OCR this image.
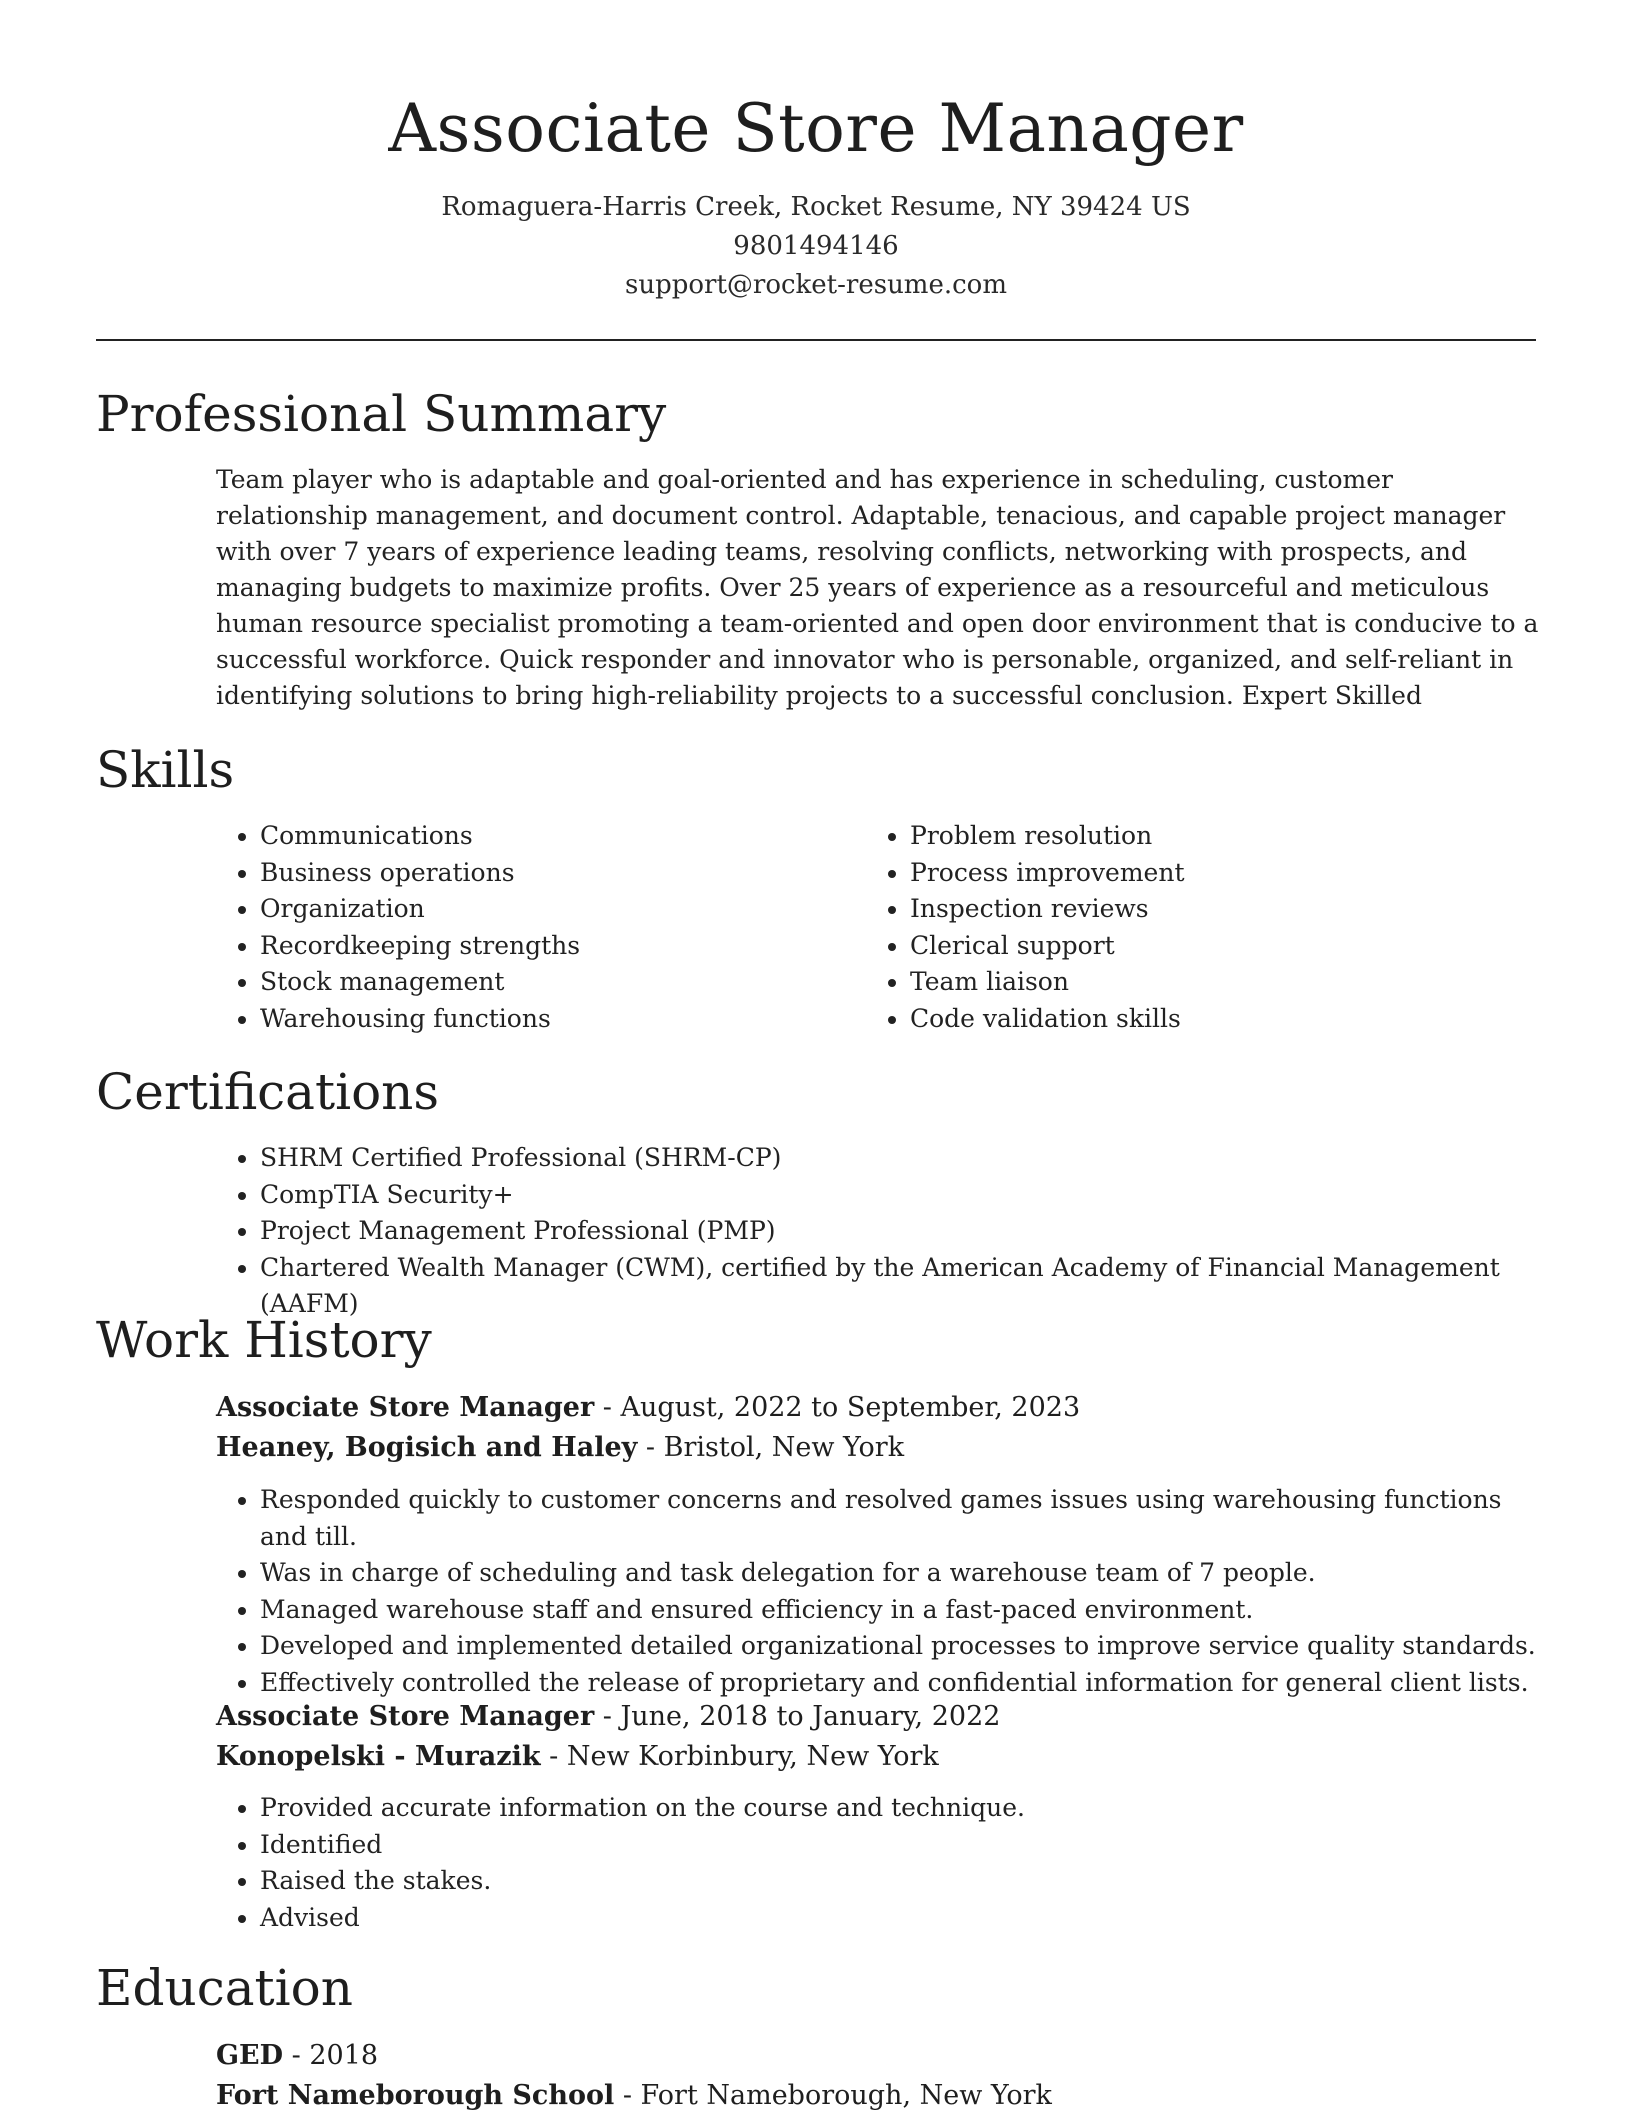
Associate Store Manager
Romaguera-Harris Creek, Rocket Resume, NY 39424 US
9801494146
support@rocket-resume.com
Professional Summary

Team player who is adaptable and goal-oriented and has experience in scheduling, customer relationship management, and document control. Adaptable, tenacious, and capable project manager with over 7 years of experience leading teams, resolving conflicts, networking with prospects, and managing budgets to maximize profits. Over 25 years of experience as a resourceful and meticulous human resource specialist promoting a team-oriented and open door environment that is conducive to a successful workforce. Quick responder and innovator who is personable, organized, and self-reliant in identifying solutions to bring high-reliability projects to a successful conclusion. Expert Skilled

Skills
• Communications
• Business operations
• Organization
• Recordkeeping strengths
• Stock management
• Warehousing functions
• Problem resolution
• Process improvement
• Inspection reviews
• Clerical support
• Team liaison
• Code validation skills
Certifications
• SHRM Certified Professional (SHRM-CP)
• CompTIA Security+
• Project Management Professional (PMP)
• Chartered Wealth Manager (CWM), certified by the American Academy of Financial Management (AAFM)
Work History
Associate Store Manager - August, 2022 to September, 2023
Heaney, Bogisich and Haley - Bristol, New York
• Responded quickly to customer concerns and resolved games issues using warehousing functions and till.
• Was in charge of scheduling and task delegation for a warehouse team of 7 people.
• Managed warehouse staff and ensured efficiency in a fast-paced environment.
• Developed and implemented detailed organizational processes to improve service quality standards.
• Effectively controlled the release of proprietary and confidential information for general client lists.
Associate Store Manager - June, 2018 to January, 2022
Konopelski - Murazik - New Korbinbury, New York
• Provided accurate information on the course and technique.
• Identified
• Raised the stakes.
• Advised
Education
GED - 2018
Fort Nameborough School - Fort Nameborough, New York
